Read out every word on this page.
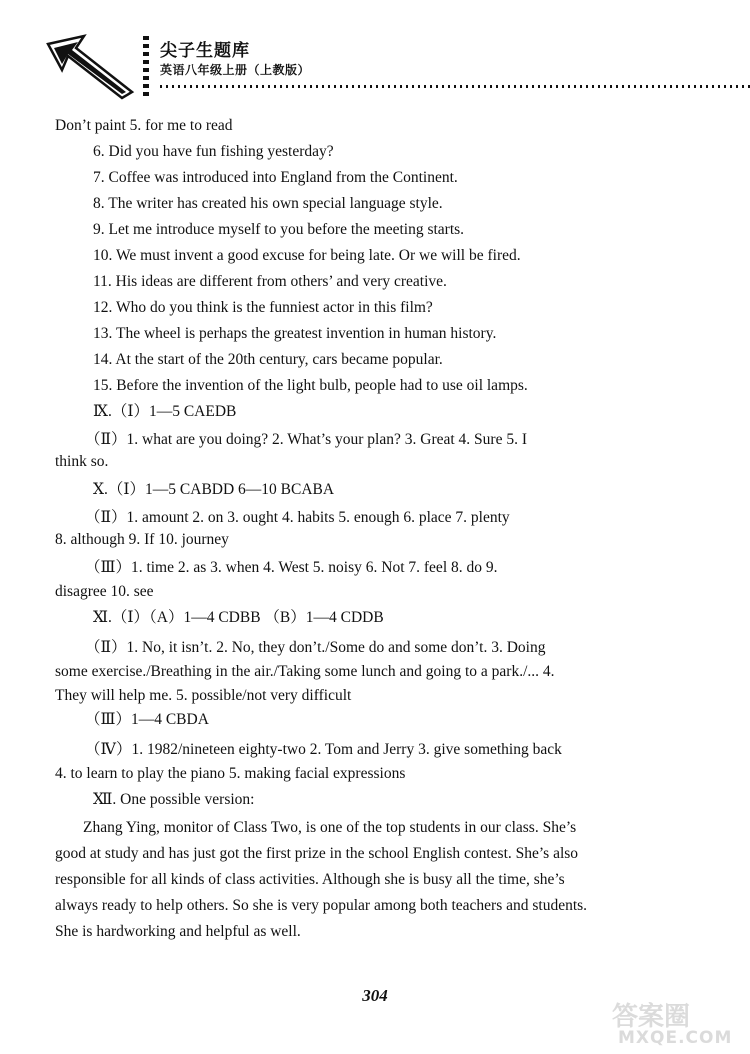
尖子生题库
英语八年级上册（上教版）
Don’t paint 5. for me to read
6. Did you have fun fishing yesterday?
7. Coffee was introduced into England from the Continent.
8. The writer has created his own special language style.
9. Let me introduce myself to you before the meeting starts.
10. We must invent a good excuse for being late. Or we will be fired.
11. His ideas are different from others’ and very creative.
12. Who do you think is the funniest actor in this film?
13. The wheel is perhaps the greatest invention in human history.
14. At the start of the 20th century, cars became popular.
15. Before the invention of the light bulb, people had to use oil lamps.
Ⅸ.（Ⅰ）1—5 CAEDB
（Ⅱ）1. what are you doing? 2. What’s your plan? 3. Great 4. Sure 5. I
think so.
Ⅹ.（Ⅰ）1—5 CABDD 6—10 BCABA
（Ⅱ）1. amount 2. on 3. ought 4. habits 5. enough 6. place 7. plenty
8. although 9. If 10. journey
（Ⅲ）1. time 2. as 3. when 4. West 5. noisy 6. Not 7. feel 8. do 9.
disagree 10. see
Ⅺ.（Ⅰ）（A）1—4 CDBB （B）1—4 CDDB
（Ⅱ）1. No, it isn’t. 2. No, they don’t./Some do and some don’t. 3. Doing
some exercise./Breathing in the air./Taking some lunch and going to a park./... 4.
They will help me. 5. possible/not very difficult
（Ⅲ）1—4 CBDA
（Ⅳ）1. 1982/nineteen eighty-two 2. Tom and Jerry 3. give something back
4. to learn to play the piano 5. making facial expressions
Ⅻ. One possible version:
Zhang Ying, monitor of Class Two, is one of the top students in our class. She’s
good at study and has just got the first prize in the school English contest. She’s also
responsible for all kinds of class activities. Although she is busy all the time, she’s
always ready to help others. So she is very popular among both teachers and students.
She is hardworking and helpful as well.
304
答案圈
MXQE.COM
